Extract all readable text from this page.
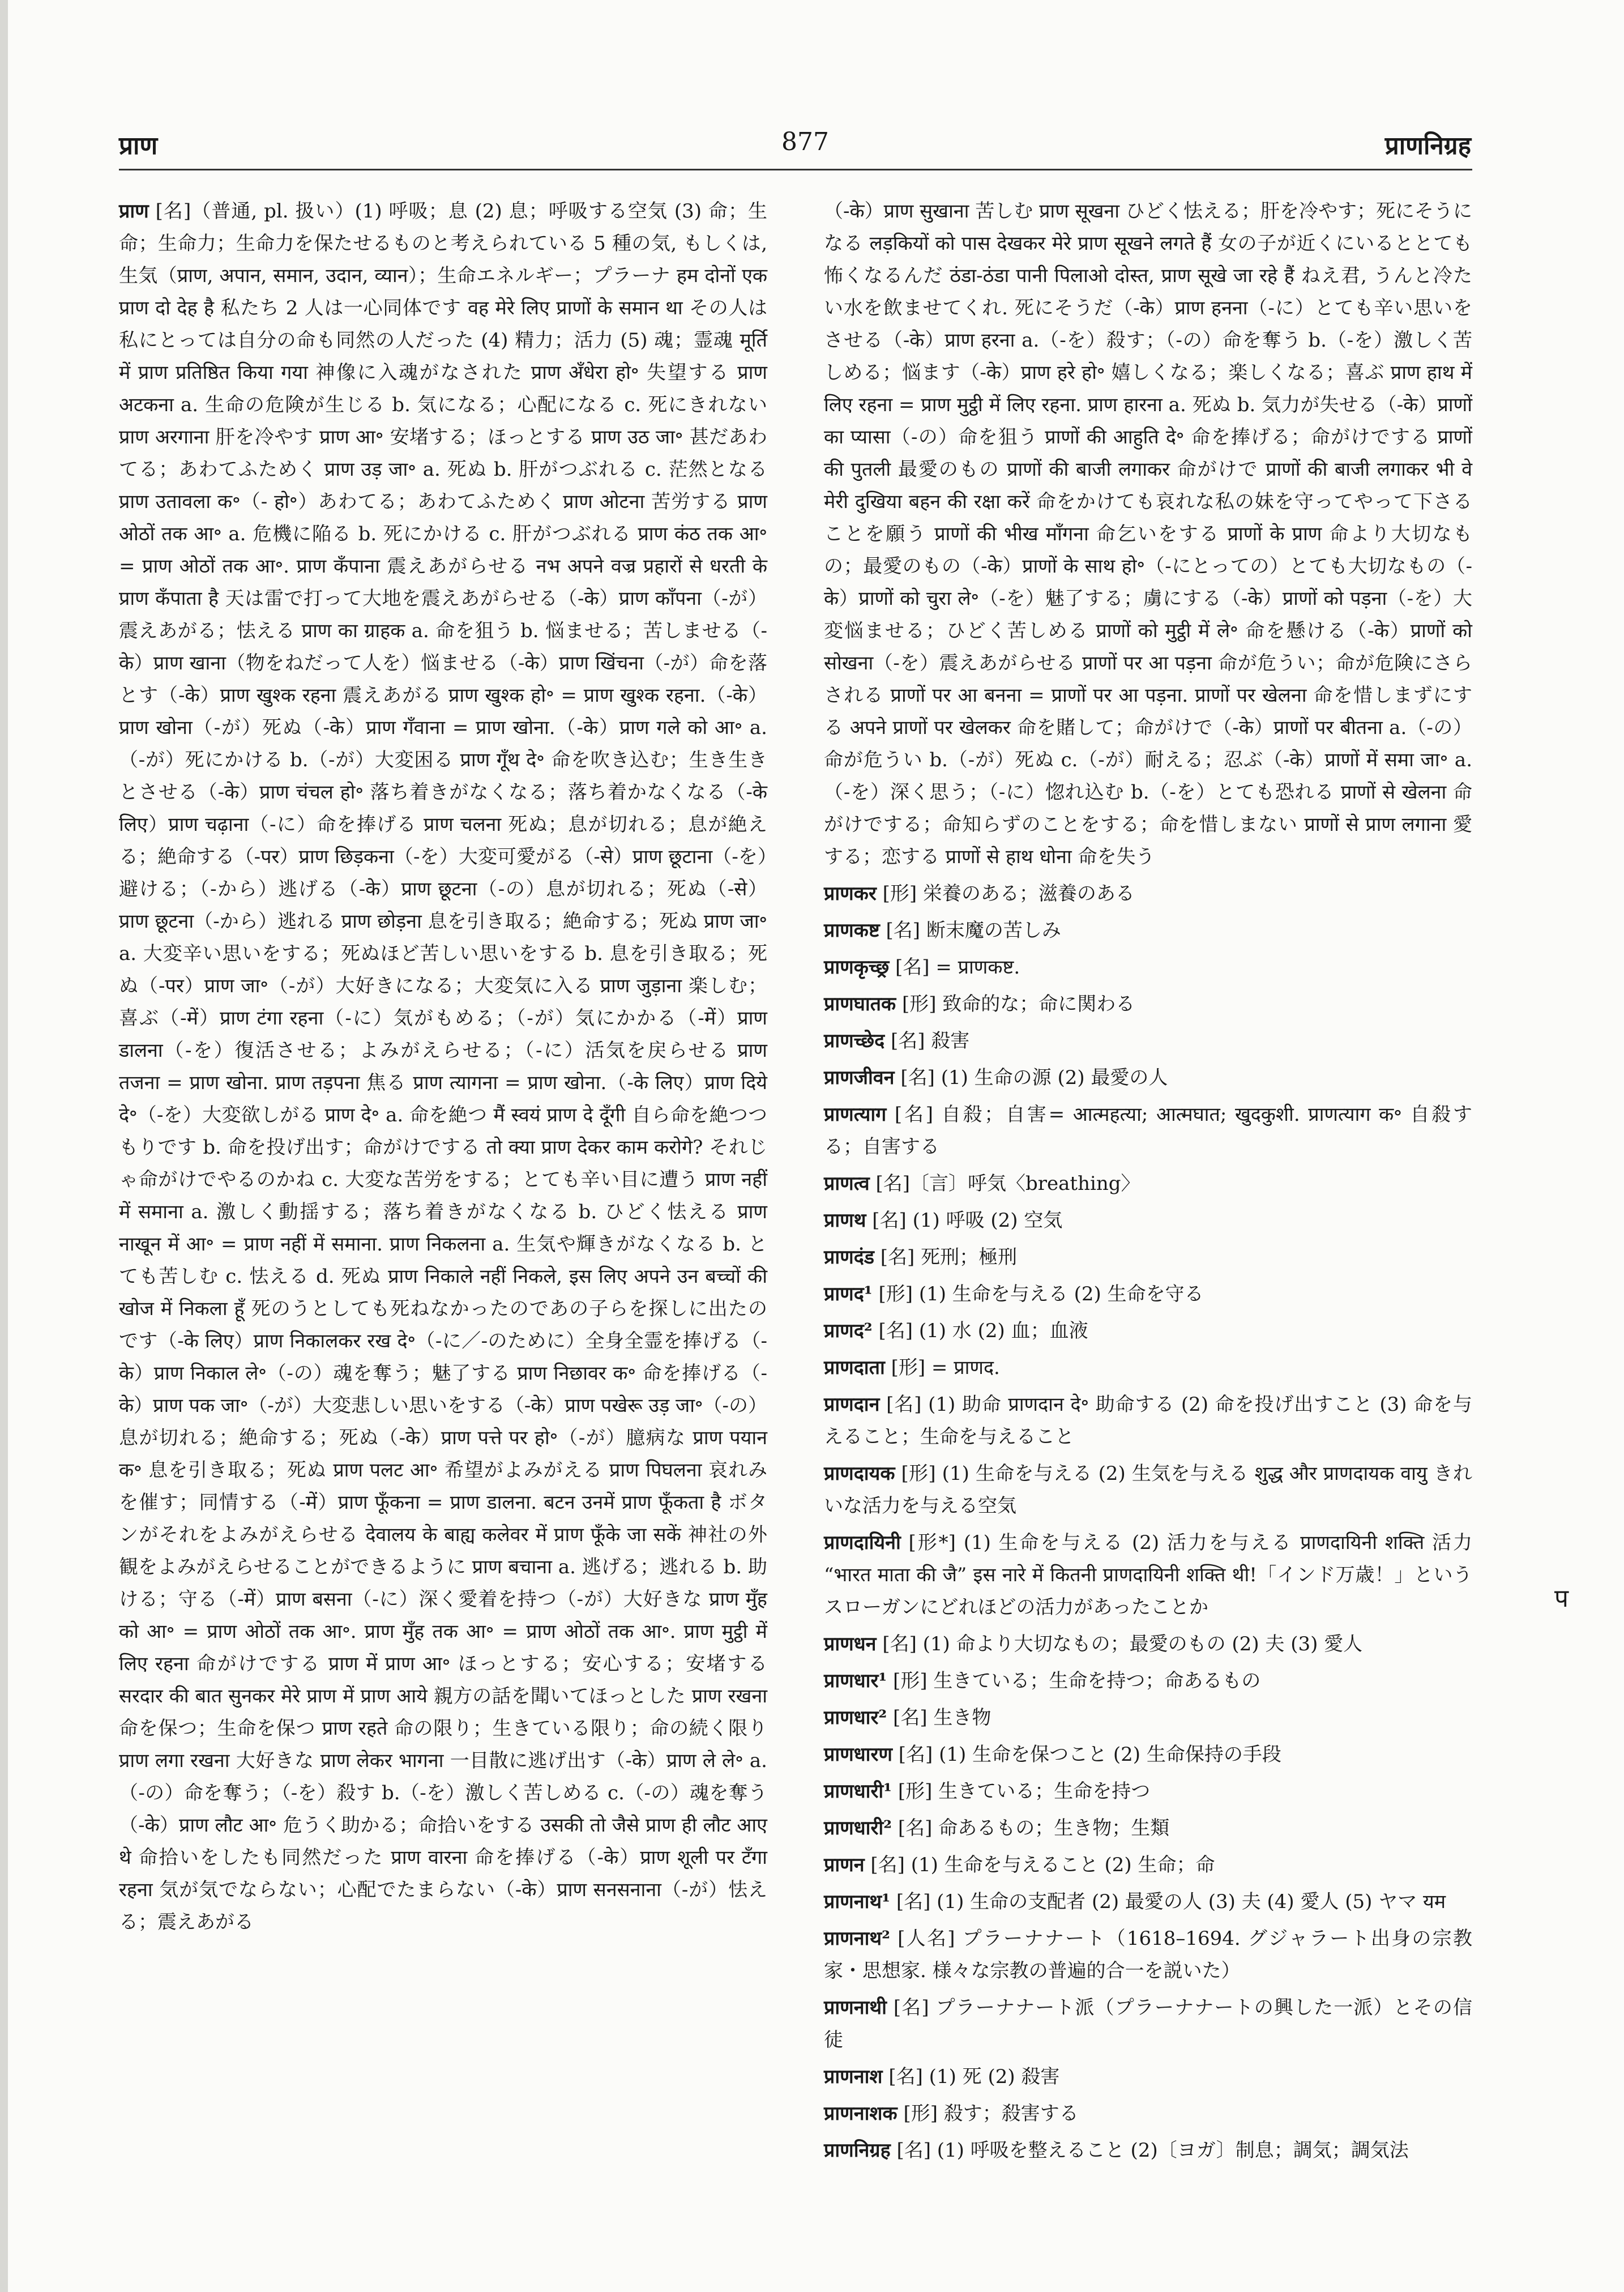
प्राण	877	प्राणनिग्रह

प्राण [名]（普通, pl. 扱い）(1) 呼吸；息 (2) 息；呼吸する空気 (3) 命；生命；生命力；生命力を保たせるものと考えられている 5 種の気, もしくは, 生気（प्राण, अपान, समान, उदान, व्यान）；生命エネルギー；プラーナ हम दोनों एक प्राण दो देह है 私たち 2 人は一心同体です वह मेरे लिए प्राणों के समान था その人は私にとっては自分の命も同然の人だった (4) 精力；活力 (5) 魂；霊魂 मूर्ति में प्राण प्रतिष्ठित किया गया 神像に入魂がなされた प्राण अँधेरा हो॰ 失望する प्राण अटकना a. 生命の危険が生じる b. 気になる；心配になる c. 死にきれない प्राण अरगाना 肝を冷やす प्राण आ॰ 安堵する；ほっとする प्राण उठ जा॰ 甚だあわてる；あわてふためく प्राण उड़ जा॰ a. 死ぬ b. 肝がつぶれる c. 茫然となる प्राण उतावला क॰（- हो॰）あわてる；あわてふためく प्राण ओटना 苦労する प्राण ओठों तक आ॰ a. 危機に陥る b. 死にかける c. 肝がつぶれる प्राण कंठ तक आ॰ = प्राण ओठों तक आ॰. प्राण कँपाना 震えあがらせる नभ अपने वज्र प्रहारों से धरती के प्राण कँपाता है 天は雷で打って大地を震えあがらせる（-के）प्राण काँपना（-が）震えあがる；怯える प्राण का ग्राहक a. 命を狙う b. 悩ませる；苦しませる（-के）प्राण खाना（物をねだって人を）悩ませる（-के）प्राण खिंचना（-が）命を落とす（-के）प्राण खुश्क रहना 震えあがる प्राण खुश्क हो॰ = प्राण खुश्क रहना.（-के）प्राण खोना（-が）死ぬ（-के）प्राण गँवाना = प्राण खोना.（-के）प्राण गले को आ॰ a.（-が）死にかける b.（-が）大変困る प्राण गूँथ दे॰ 命を吹き込む；生き生きとさせる（-के）प्राण चंचल हो॰ 落ち着きがなくなる；落ち着かなくなる（-के लिए）प्राण चढ़ाना（-に）命を捧げる प्राण चलना 死ぬ；息が切れる；息が絶える；絶命する（-पर）प्राण छिड़कना（-を）大変可愛がる（-से）प्राण छूटाना（-を）避ける；（-から）逃げる（-के）प्राण छूटना（-の）息が切れる；死ぬ（-से）प्राण छूटना（-から）逃れる प्राण छोड़ना 息を引き取る；絶命する；死ぬ प्राण जा॰ a. 大変辛い思いをする；死ぬほど苦しい思いをする b. 息を引き取る；死ぬ（-पर）प्राण जा॰（-が）大好きになる；大変気に入る प्राण जुड़ाना 楽しむ；喜ぶ（-में）प्राण टंगा रहना（-に）気がもめる；（-が）気にかかる（-में）प्राण डालना（-を）復活させる；よみがえらせる；（-に）活気を戻らせる प्राण तजना = प्राण खोना. प्राण तड़पना 焦る प्राण त्यागना = प्राण खोना.（-के लिए）प्राण दिये दे॰（-を）大変欲しがる प्राण दे॰ a. 命を絶つ मैं स्वयं प्राण दे दूँगी 自ら命を絶つつもりです b. 命を投げ出す；命がけでする तो क्या प्राण देकर काम करोगे? それじゃ命がけでやるのかね c. 大変な苦労をする；とても辛い目に遭う प्राण नहीं में समाना a. 激しく動揺する；落ち着きがなくなる b. ひどく怯える प्राण नाखून में आ॰ = प्राण नहीं में समाना. प्राण निकलना a. 生気や輝きがなくなる b. とても苦しむ c. 怯える d. 死ぬ प्राण निकाले नहीं निकले, इस लिए अपने उन बच्चों की खोज में निकला हूँ 死のうとしても死ねなかったのであの子らを探しに出たのです（-के लिए）प्राण निकालकर रख दे॰（-に／-のために）全身全霊を捧げる（-के）प्राण निकाल ले॰（-の）魂を奪う；魅了する प्राण निछावर क॰ 命を捧げる（-के）प्राण पक जा॰（-が）大変悲しい思いをする（-के）प्राण पखेरू उड़ जा॰（-の）息が切れる；絶命する；死ぬ（-के）प्राण पत्ते पर हो॰（-が）臆病な प्राण पयान क॰ 息を引き取る；死ぬ प्राण पलट आ॰ 希望がよみがえる प्राण पिघलना 哀れみを催す；同情する（-में）प्राण फूँकना = प्राण डालना. बटन उनमें प्राण फूँकता है ボタンがそれをよみがえらせる देवालय के बाह्य कलेवर में प्राण फूँके जा सकें 神社の外観をよみがえらせることができるように प्राण बचाना a. 逃げる；逃れる b. 助ける；守る（-में）प्राण बसना（-に）深く愛着を持つ（-が）大好きな प्राण मुँह को आ॰ = प्राण ओठों तक आ॰. प्राण मुँह तक आ॰ = प्राण ओठों तक आ॰. प्राण मुट्ठी में लिए रहना 命がけでする प्राण में प्राण आ॰ ほっとする；安心する；安堵する सरदार की बात सुनकर मेरे प्राण में प्राण आये 親方の話を聞いてほっとした प्राण रखना 命を保つ；生命を保つ प्राण रहते 命の限り；生きている限り；命の続く限り प्राण लगा रखना 大好きな प्राण लेकर भागना 一目散に逃げ出す（-के）प्राण ले ले॰ a.（-の）命を奪う；（-を）殺す b.（-を）激しく苦しめる c.（-の）魂を奪う（-के）प्राण लौट आ॰ 危うく助かる；命拾いをする उसकी तो जैसे प्राण ही लौट आए थे 命拾いをしたも同然だった प्राण वारना 命を捧げる（-के）प्राण शूली पर टँगा रहना 気が気でならない；心配でたまらない（-के）प्राण सनसनाना（-が）怯える；震えあがる

（-के）प्राण सुखाना 苦しむ प्राण सूखना ひどく怯える；肝を冷やす；死にそうになる लड़कियों को पास देखकर मेरे प्राण सूखने लगते हैं 女の子が近くにいるととても怖くなるんだ ठंडा-ठंडा पानी पिलाओ दोस्त, प्राण सूखे जा रहे हैं ねえ君, うんと冷たい水を飲ませてくれ. 死にそうだ（-के）प्राण हनना（-に）とても辛い思いをさせる（-के）प्राण हरना a.（-を）殺す；（-の）命を奪う b.（-を）激しく苦しめる；悩ます（-के）प्राण हरे हो॰ 嬉しくなる；楽しくなる；喜ぶ प्राण हाथ में लिए रहना = प्राण मुट्ठी में लिए रहना. प्राण हारना a. 死ぬ b. 気力が失せる（-के）प्राणों का प्यासा（-の）命を狙う प्राणों की आहुति दे॰ 命を捧げる；命がけでする प्राणों की पुतली 最愛のもの प्राणों की बाजी लगाकर 命がけで प्राणों की बाजी लगाकर भी वे मेरी दुखिया बहन की रक्षा करें 命をかけても哀れな私の妹を守ってやって下さることを願う प्राणों की भीख माँगना 命乞いをする प्राणों के प्राण 命より大切なもの；最愛のもの（-के）प्राणों के साथ हो॰（-にとっての）とても大切なもの（-के）प्राणों को चुरा ले॰（-を）魅了する；虜にする（-के）प्राणों को पड़ना（-を）大変悩ませる；ひどく苦しめる प्राणों को मुट्ठी में ले॰ 命を懸ける（-के）प्राणों को सोखना（-を）震えあがらせる प्राणों पर आ पड़ना 命が危うい；命が危険にさらされる प्राणों पर आ बनना = प्राणों पर आ पड़ना. प्राणों पर खेलना 命を惜しまずにする अपने प्राणों पर खेलकर 命を賭して；命がけで（-के）प्राणों पर बीतना a.（-の）命が危うい b.（-が）死ぬ c.（-が）耐える；忍ぶ（-के）प्राणों में समा जा॰ a.（-を）深く思う；（-に）惚れ込む b.（-を）とても恐れる प्राणों से खेलना 命がけでする；命知らずのことをする；命を惜しまない प्राणों से प्राण लगाना 愛する；恋する प्राणों से हाथ धोना 命を失う

प्राणकर [形] 栄養のある；滋養のある

प्राणकष्ट [名] 断末魔の苦しみ

प्राणकृच्छ्र [名] = प्राणकष्ट.

प्राणघातक [形] 致命的な；命に関わる

प्राणच्छेद [名] 殺害

प्राणजीवन [名] (1) 生命の源 (2) 最愛の人

प्राणत्याग [名] 自殺；自害= आत्महत्या; आत्मघात; खुदकुशी. प्राणत्याग क॰ 自殺する；自害する

प्राणत्व [名]〔言〕呼気〈breathing〉

प्राणथ [名] (1) 呼吸 (2) 空気

प्राणदंड [名] 死刑；極刑

प्राणद¹ [形] (1) 生命を与える (2) 生命を守る

प्राणद² [名] (1) 水 (2) 血；血液

प्राणदाता [形] = प्राणद.

प्राणदान [名] (1) 助命 प्राणदान दे॰ 助命する (2) 命を投げ出すこと (3) 命を与えること；生命を与えること

प्राणदायक [形] (1) 生命を与える (2) 生気を与える शुद्ध और प्राणदायक वायु きれいな活力を与える空気

प्राणदायिनी [形*] (1) 生命を与える (2) 活力を与える प्राणदायिनी शक्ति 活力 “भारत माता की जै” इस नारे में कितनी प्राणदायिनी शक्ति थी!「インド万歳！」というスローガンにどれほどの活力があったことか

प्राणधन [名] (1) 命より大切なもの；最愛のもの (2) 夫 (3) 愛人

प्राणधार¹ [形] 生きている；生命を持つ；命あるもの

प्राणधार² [名] 生き物

प्राणधारण [名] (1) 生命を保つこと (2) 生命保持の手段

प्राणधारी¹ [形] 生きている；生命を持つ

प्राणधारी² [名] 命あるもの；生き物；生類

प्राणन [名] (1) 生命を与えること (2) 生命；命

प्राणनाथ¹ [名] (1) 生命の支配者 (2) 最愛の人 (3) 夫 (4) 愛人 (5) ヤマ यम

प्राणनाथ² [人名] プラーナナート（1618–1694. グジャラート出身の宗教家・思想家. 様々な宗教の普遍的合一を説いた）

प्राणनाथी [名] プラーナナート派（プラーナナートの興した一派）とその信徒

प्राणनाश [名] (1) 死 (2) 殺害

प्राणनाशक [形] 殺す；殺害する

प्राणनिग्रह [名] (1) 呼吸を整えること (2)〔ヨガ〕制息；調気；調気法

प
